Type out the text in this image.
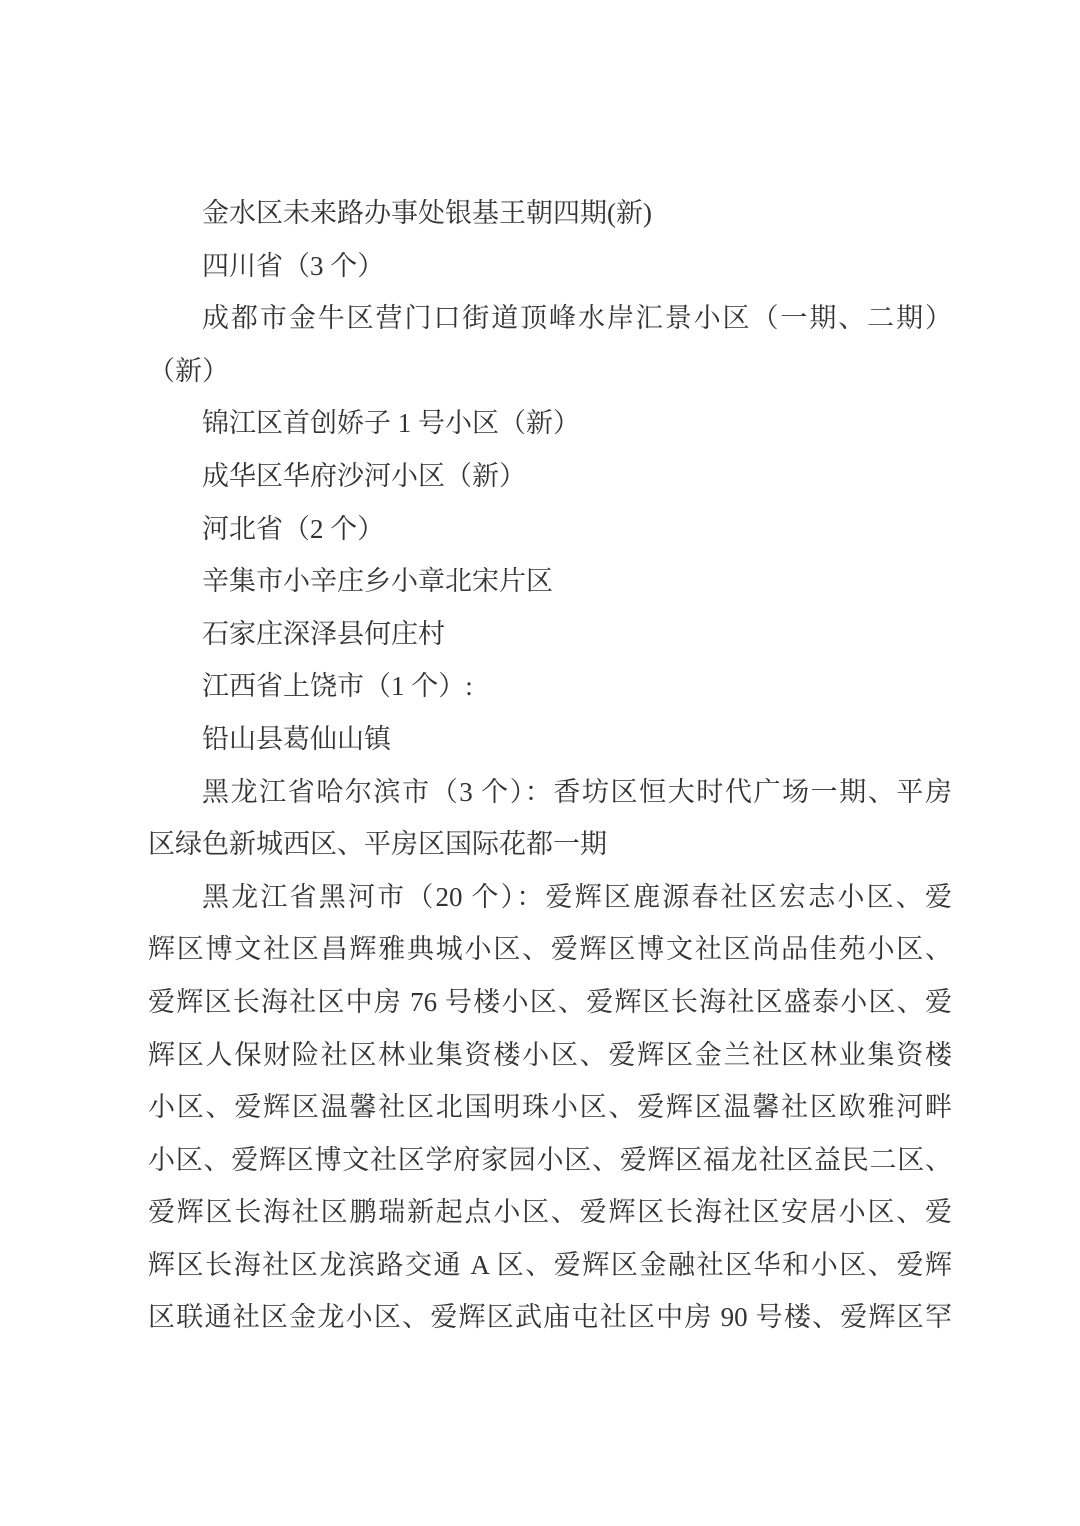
金水区未来路办事处银基王朝四期(新)
四川省（3 个）
成都市金牛区营门口街道顶峰水岸汇景小区（一期、二期）
（新）
锦江区首创娇子 1 号小区（新）
成华区华府沙河小区（新）
河北省（2 个）
辛集市小辛庄乡小章北宋片区
石家庄深泽县何庄村
江西省上饶市（1 个）:
铅山县葛仙山镇
黑龙江省哈尔滨市（3 个）：香坊区恒大时代广场一期、平房
区绿色新城西区、平房区国际花都一期
黑龙江省黑河市（20 个）：爱辉区鹿源春社区宏志小区、爱
辉区博文社区昌辉雅典城小区、爱辉区博文社区尚品佳苑小区、
爱辉区长海社区中房 76 号楼小区、爱辉区长海社区盛泰小区、爱
辉区人保财险社区林业集资楼小区、爱辉区金兰社区林业集资楼
小区、爱辉区温馨社区北国明珠小区、爱辉区温馨社区欧雅河畔
小区、爱辉区博文社区学府家园小区、爱辉区福龙社区益民二区、
爱辉区长海社区鹏瑞新起点小区、爱辉区长海社区安居小区、爱
辉区长海社区龙滨路交通 A 区、爱辉区金融社区华和小区、爱辉
区联通社区金龙小区、爱辉区武庙屯社区中房 90 号楼、爱辉区罕
